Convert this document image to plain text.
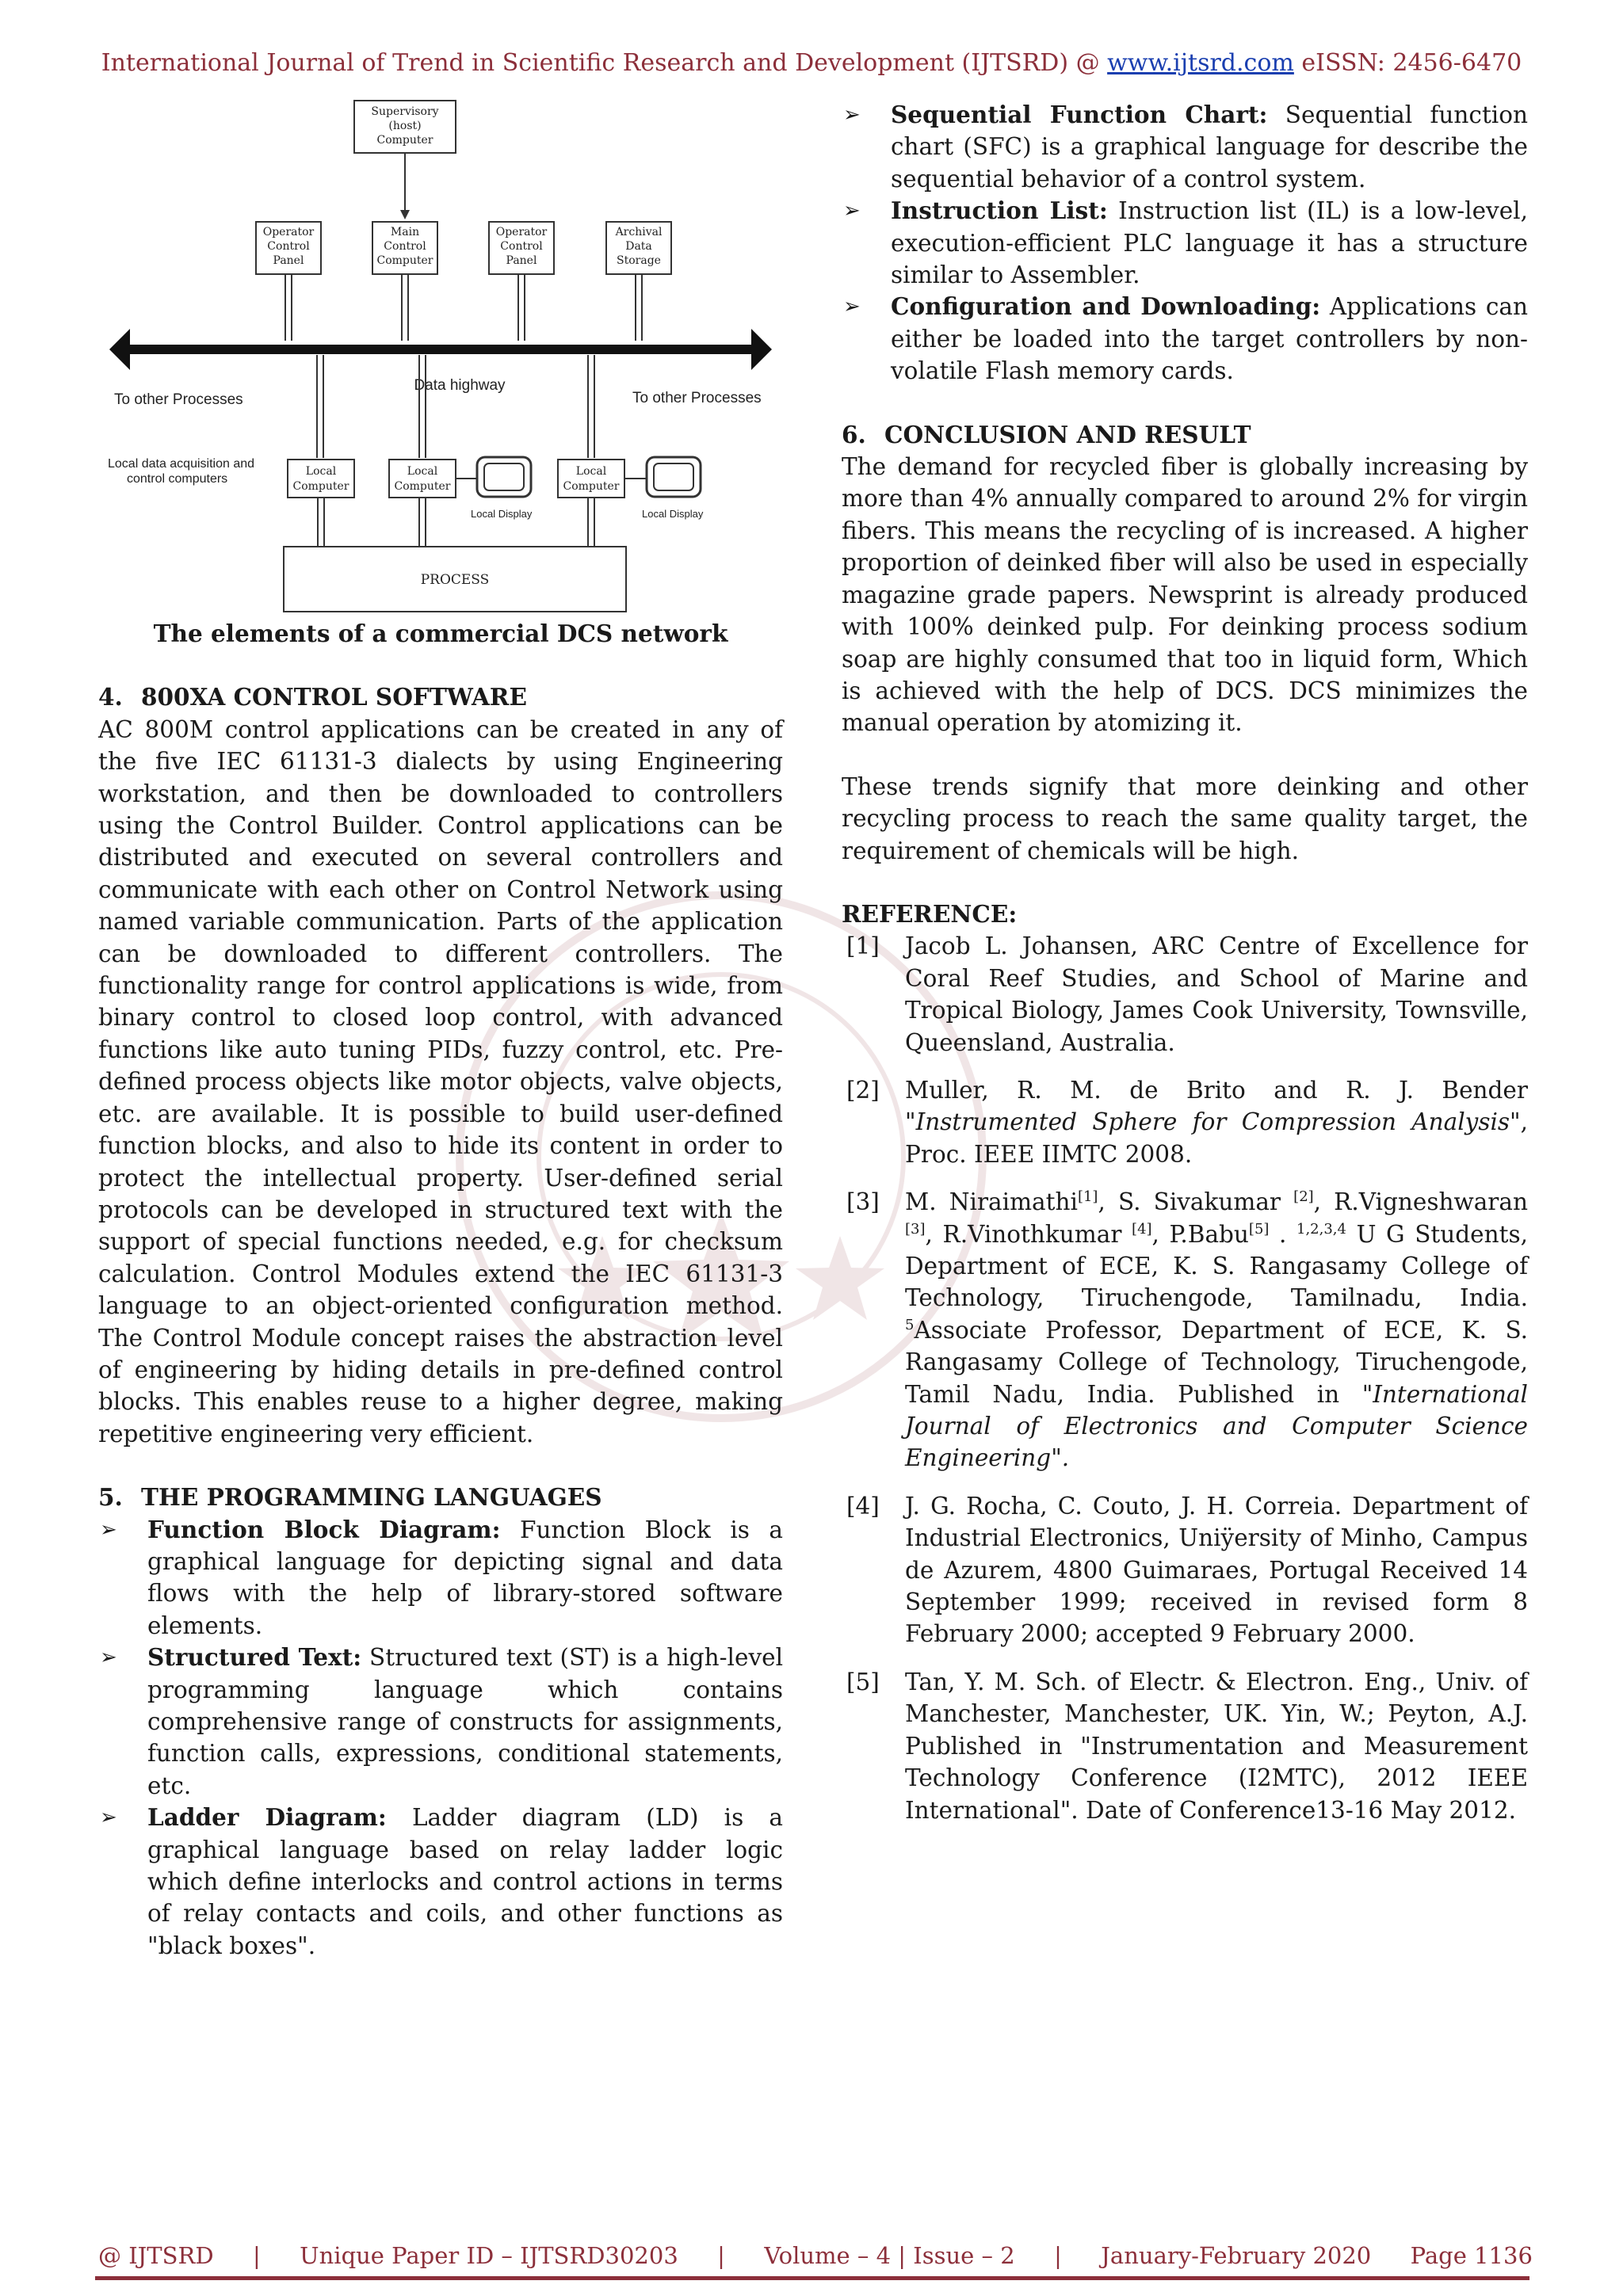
International Journal of Trend in Scientific Research and Development (IJTSRD) @ www.ijtsrd.com eISSN: 2456-6470
Supervisory
(host)
Computer
Operator
Control
Panel
Main
Control
Computer
Operator
Control
Panel
Archival
Data
Storage
Data highway
To other Processes	To other Processes
Local data acquisition and
control computers
Local
Computer
Local
Computer
Local
Computer
Local Display	Local Display
PROCESS
The elements of a commercial DCS network
4. 800XA CONTROL SOFTWARE
AC 800M control applications can be created in any of the five IEC 61131-3 dialects by using Engineering workstation, and then be downloaded to controllers using the Control Builder. Control applications can be distributed and executed on several controllers and communicate with each other on Control Network using named variable communication. Parts of the application can be downloaded to different controllers. The functionality range for control applications is wide, from binary control to closed loop control, with advanced functions like auto tuning PIDs, fuzzy control, etc. Pre-defined process objects like motor objects, valve objects, etc. are available. It is possible to build user-defined function blocks, and also to hide its content in order to protect the intellectual property. User-defined serial protocols can be developed in structured text with the support of special functions needed, e.g. for checksum calculation. Control Modules extend the IEC 61131-3 language to an object-oriented configuration method. The Control Module concept raises the abstraction level of engineering by hiding details in pre-defined control blocks. This enables reuse to a higher degree, making repetitive engineering very efficient.
5. THE PROGRAMMING LANGUAGES
➢ Function Block Diagram: Function Block is a graphical language for depicting signal and data flows with the help of library-stored software elements.
➢ Structured Text: Structured text (ST) is a high-level programming language which contains comprehensive range of constructs for assignments, function calls, expressions, conditional statements, etc.
➢ Ladder Diagram: Ladder diagram (LD) is a graphical language based on relay ladder logic which define interlocks and control actions in terms of relay contacts and coils, and other functions as "black boxes".
➢ Sequential Function Chart: Sequential function chart (SFC) is a graphical language for describe the sequential behavior of a control system.
➢ Instruction List: Instruction list (IL) is a low-level, execution-efficient PLC language it has a structure similar to Assembler.
➢ Configuration and Downloading: Applications can either be loaded into the target controllers by non-volatile Flash memory cards.
6. CONCLUSION AND RESULT
The demand for recycled fiber is globally increasing by more than 4% annually compared to around 2% for virgin fibers. This means the recycling of is increased. A higher proportion of deinked fiber will also be used in especially magazine grade papers. Newsprint is already produced with 100% deinked pulp. For deinking process sodium soap are highly consumed that too in liquid form, Which is achieved with the help of DCS. DCS minimizes the manual operation by atomizing it.
These trends signify that more deinking and other recycling process to reach the same quality target, the requirement of chemicals will be high.
REFERENCE:
[1] Jacob L. Johansen, ARC Centre of Excellence for Coral Reef Studies, and School of Marine and Tropical Biology, James Cook University, Townsville, Queensland, Australia.
[2] Muller, R. M. de Brito and R. J. Bender "Instrumented Sphere for Compression Analysis", Proc. IEEE IIMTC 2008.
[3] M. Niraimathi[1], S. Sivakumar [2], R.Vigneshwaran [3], R.Vinothkumar [4], P.Babu[5] . $^{1,2,3,4}$ U G Students, Department of ECE, K. S. Rangasamy College of Technology, Tiruchengode, Tamilnadu, India. $^5$Associate Professor, Department of ECE, K. S. Rangasamy College of Technology, Tiruchengode, Tamil Nadu, India. Published in "International Journal of Electronics and Computer Science Engineering".
[4] J. G. Rocha, C. Couto, J. H. Correia. Department of Industrial Electronics, Uniÿersity of Minho, Campus de Azurem, 4800 Guimaraes, Portugal Received 14 September 1999; received in revised form 8 February 2000; accepted 9 February 2000.
[5] Tan, Y. M. Sch. of Electr. & Electron. Eng., Univ. of Manchester, Manchester, UK. Yin, W.; Peyton, A.J. Published in "Instrumentation and Measurement Technology Conference (I2MTC), 2012 IEEE International". Date of Conference13-16 May 2012.
@ IJTSRD | Unique Paper ID – IJTSRD30203 | Volume – 4 | Issue – 2 | January-February 2020 Page 1136
